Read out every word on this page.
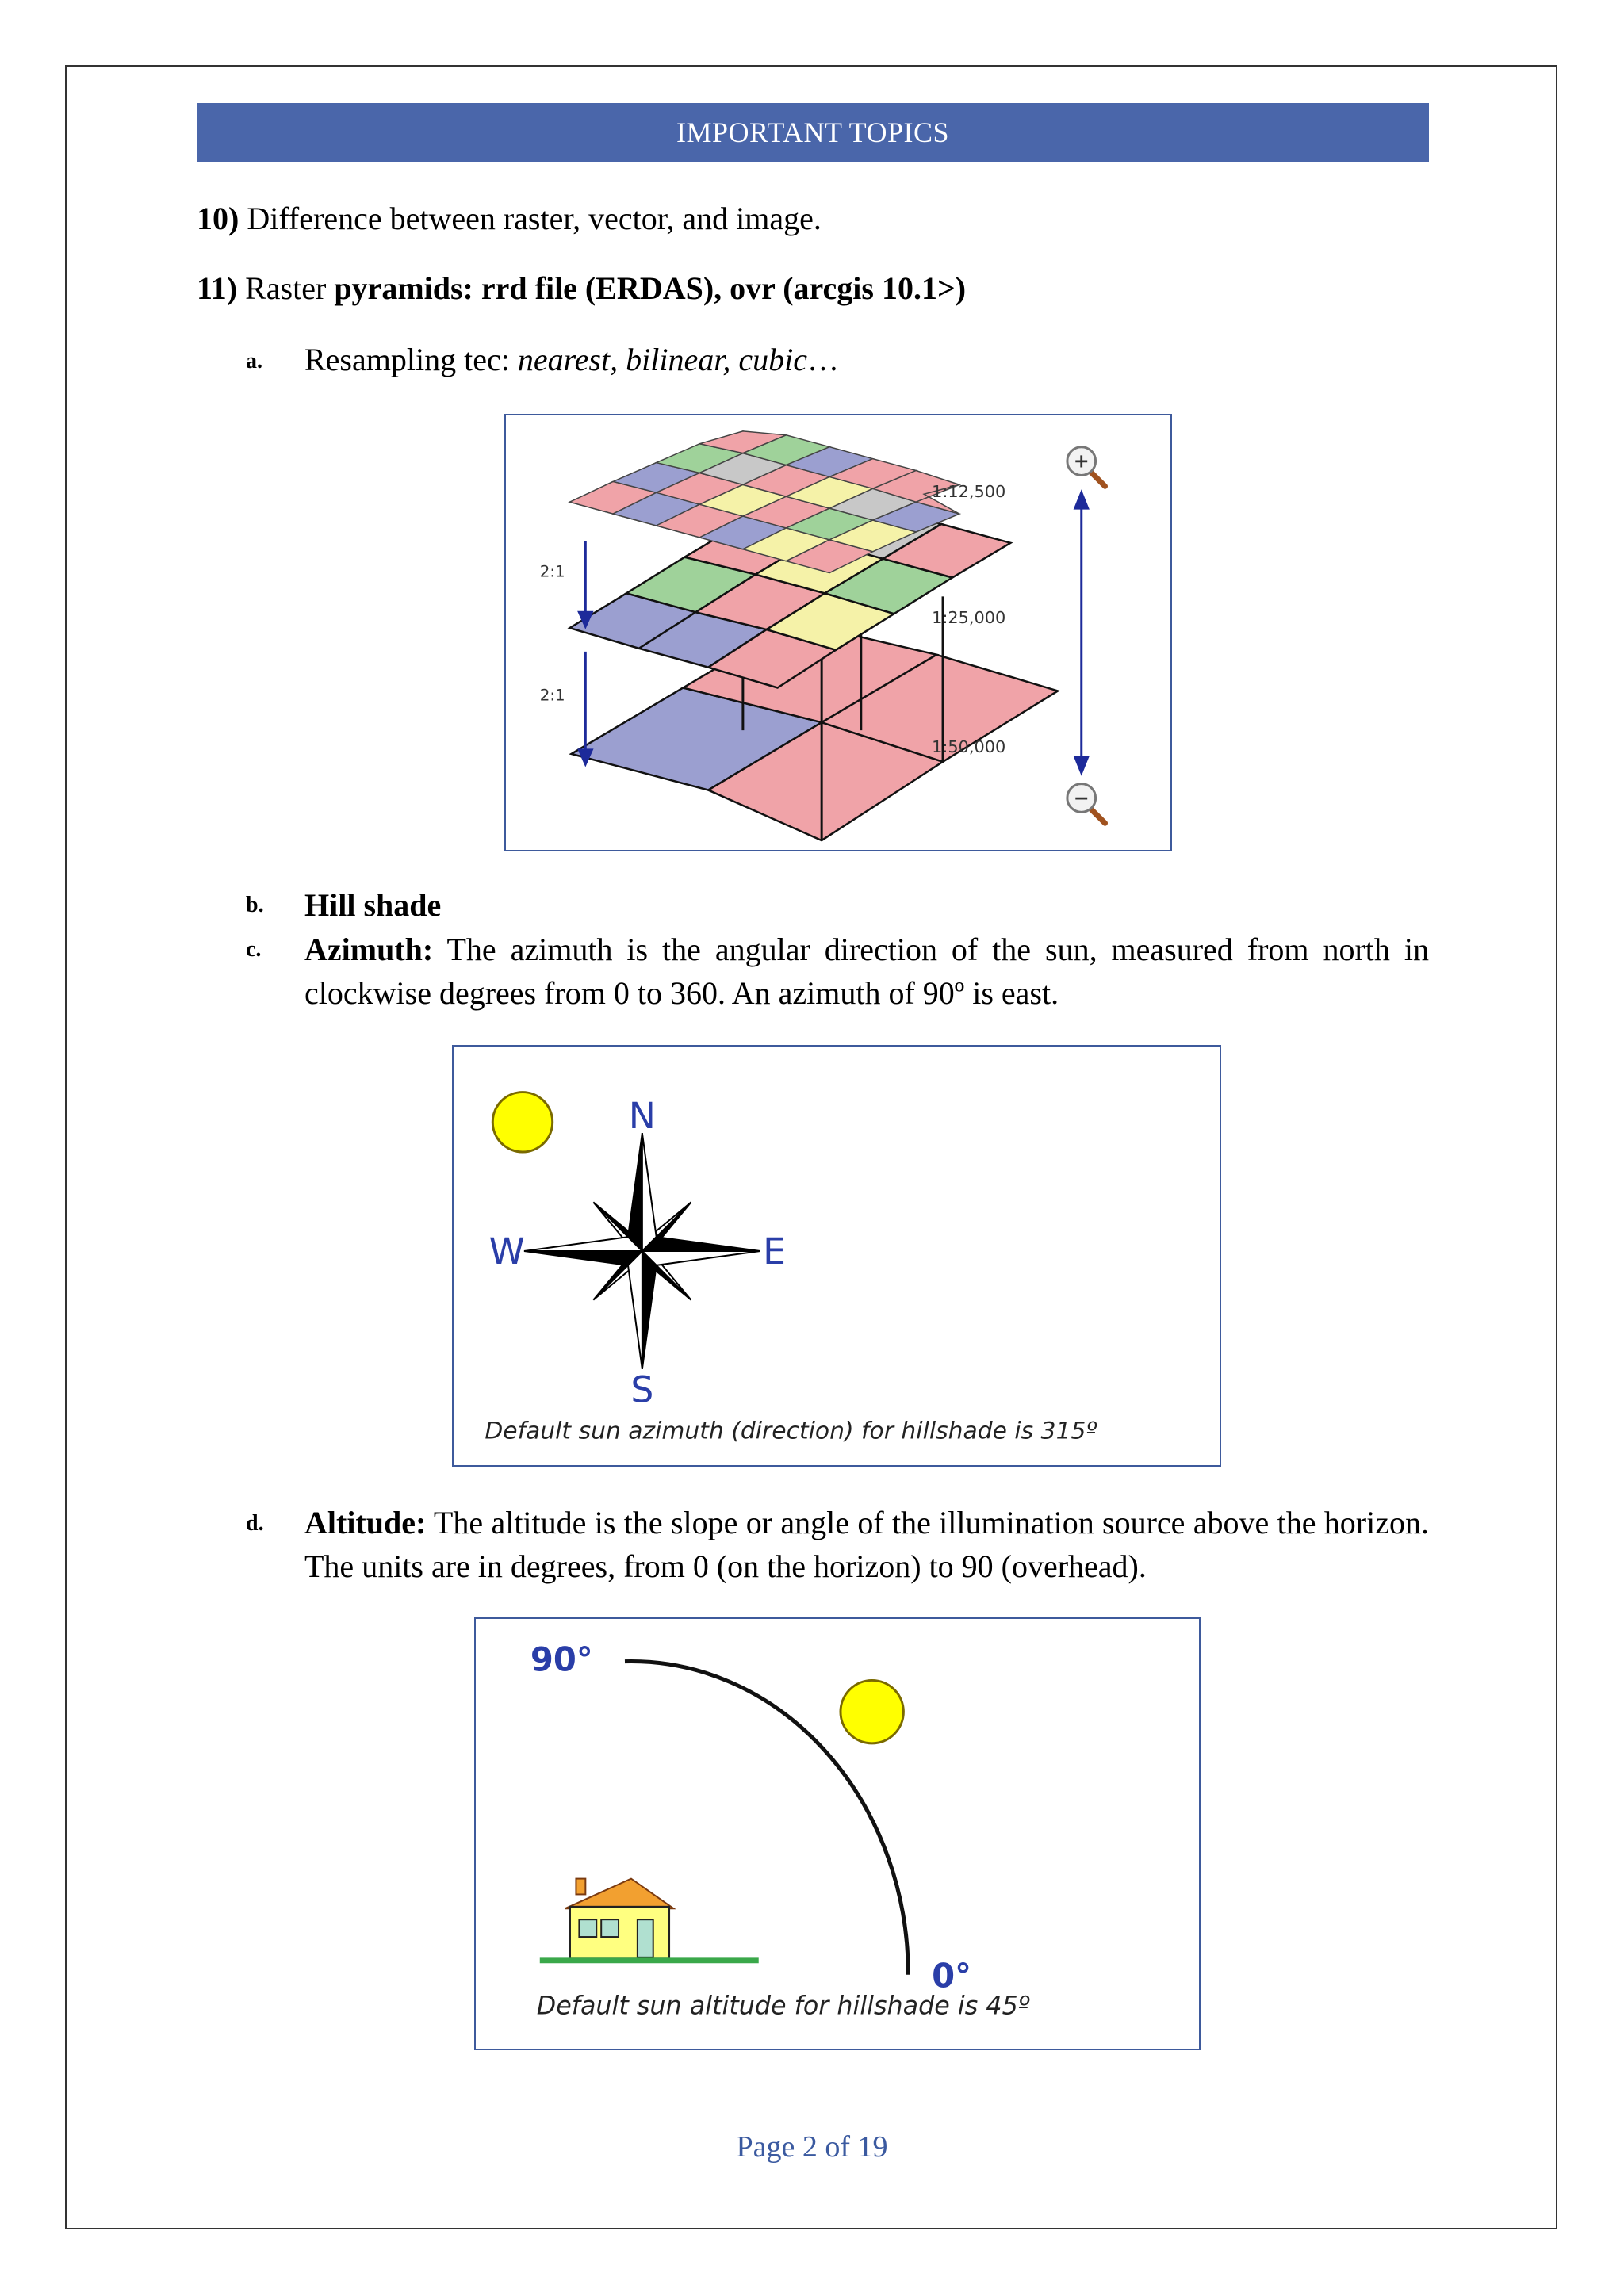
IMPORTANT TOPICS
10) Difference between raster, vector, and image.
11) Raster pyramids: rrd file (ERDAS), ovr (arcgis 10.1>)
a. Resampling tec: nearest, bilinear, cubic…
2:1
2:1
1:12,500
1:25,000
1:50,000
+
−
b. Hill shade
c. Azimuth: The azimuth is the angular direction of the sun, measured from north in clockwise degrees from 0 to 360. An azimuth of 90º is east.
N
S
E
W
Default sun azimuth (direction) for hillshade is 315º
d. Altitude: The altitude is the slope or angle of the illumination source above the horizon. The units are in degrees, from 0 (on the horizon) to 90 (overhead).
90°
0°
Default sun altitude for hillshade is 45º
Page 2 of 19
